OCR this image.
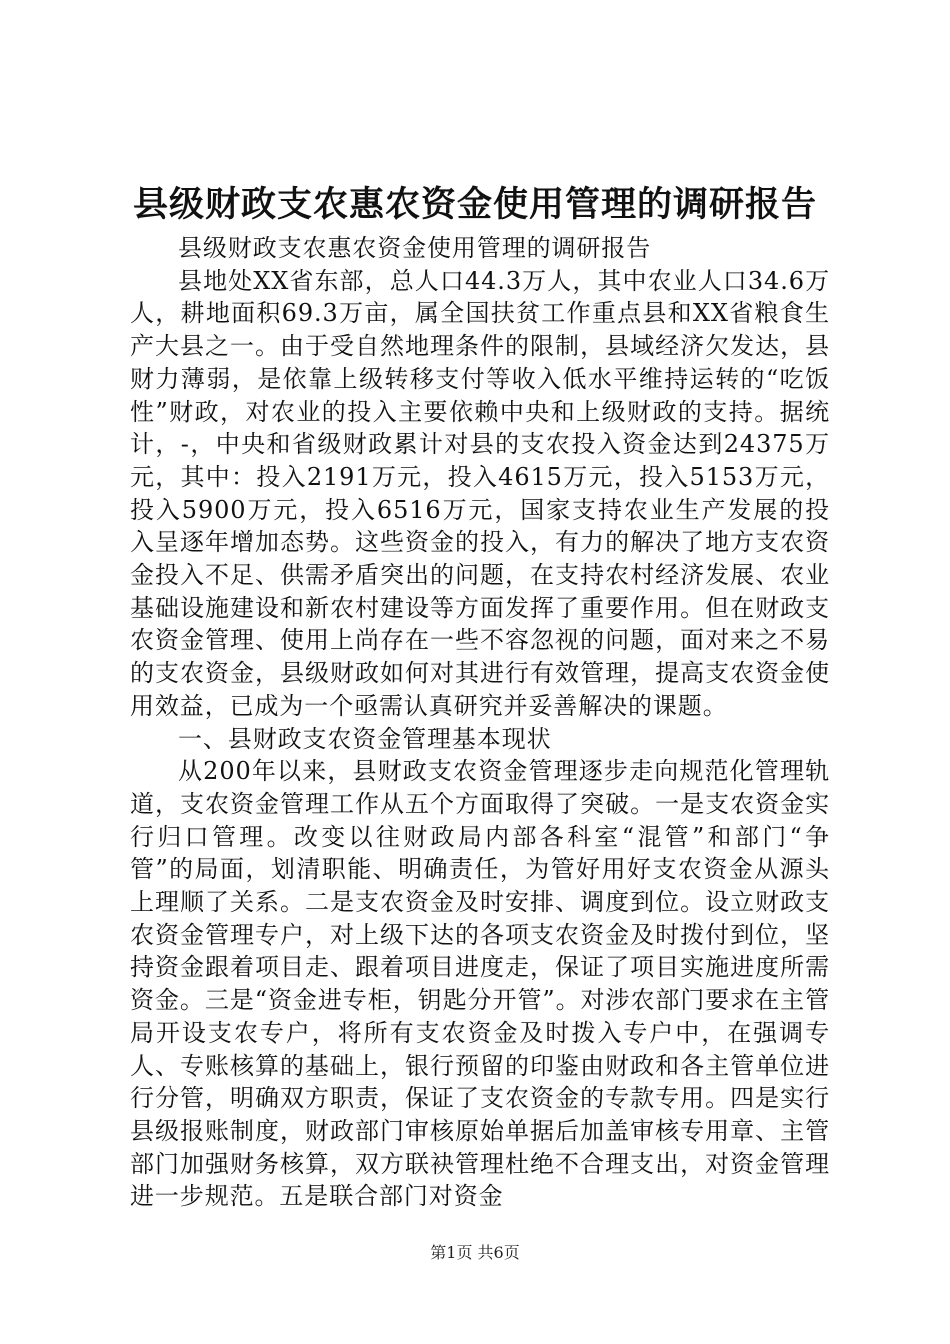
县级财政支农惠农资金使用管理的调研报告

县级财政支农惠农资金使用管理的调研报告

县地处XX省东部，总人口44.3万人，其中农业人口34.6万人，耕地面积69.3万亩，属全国扶贫工作重点县和XX省粮食生产大县之一。由于受自然地理条件的限制，县域经济欠发达，县财力薄弱，是依靠上级转移支付等收入低水平维持运转的“吃饭性”财政，对农业的投入主要依赖中央和上级财政的支持。据统计，-，中央和省级财政累计对县的支农投入资金达到24375万元，其中：投入2191万元，投入4615万元，投入5153万元，投入5900万元，投入6516万元，国家支持农业生产发展的投入呈逐年增加态势。这些资金的投入，有力的解决了地方支农资金投入不足、供需矛盾突出的问题，在支持农村经济发展、农业基础设施建设和新农村建设等方面发挥了重要作用。但在财政支农资金管理、使用上尚存在一些不容忽视的问题，面对来之不易的支农资金，县级财政如何对其进行有效管理，提高支农资金使用效益，已成为一个亟需认真研究并妥善解决的课题。

一、县财政支农资金管理基本现状

从200年以来，县财政支农资金管理逐步走向规范化管理轨道，支农资金管理工作从五个方面取得了突破。一是支农资金实行归口管理。改变以往财政局内部各科室“混管”和部门“争管”的局面，划清职能、明确责任，为管好用好支农资金从源头上理顺了关系。二是支农资金及时安排、调度到位。设立财政支农资金管理专户，对上级下达的各项支农资金及时拨付到位，坚持资金跟着项目走、跟着项目进度走，保证了项目实施进度所需资金。三是“资金进专柜，钥匙分开管”。对涉农部门要求在主管局开设支农专户，将所有支农资金及时拨入专户中，在强调专人、专账核算的基础上，银行预留的印鉴由财政和各主管单位进行分管，明确双方职责，保证了支农资金的专款专用。四是实行县级报账制度，财政部门审核原始单据后加盖审核专用章、主管部门加强财务核算，双方联袂管理杜绝不合理支出，对资金管理进一步规范。五是联合部门对资金

第1页 共6页
